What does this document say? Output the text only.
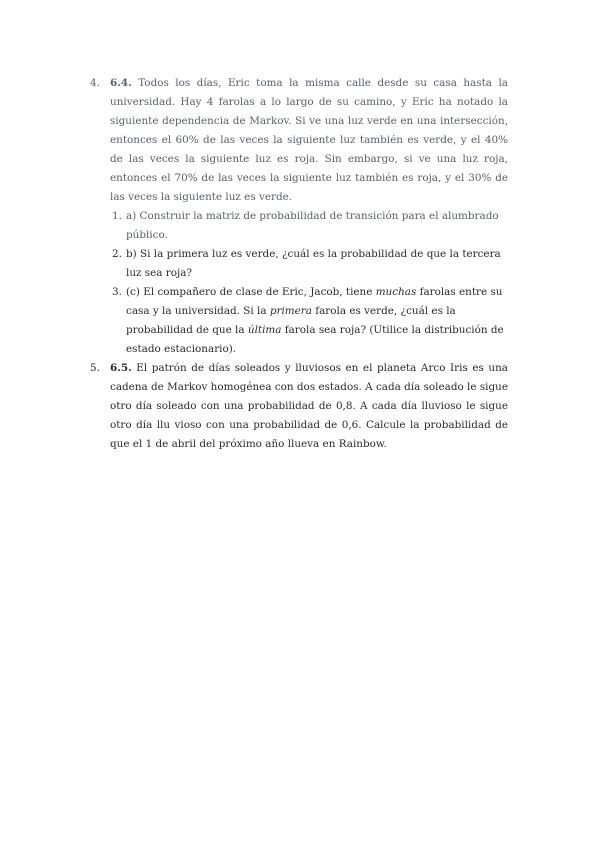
4. 6.4. Todos los días, Eric toma la misma calle desde su casa hasta la universidad. Hay 4 farolas a lo largo de su camino, y Eric ha notado la siguiente dependencia de Markov. Si ve una luz verde en una intersección, entonces el 60% de las veces la siguiente luz también es verde, y el 40% de las veces la siguiente luz es roja. Sin embargo, si ve una luz roja, entonces el 70% de las veces la siguiente luz también es roja, y el 30% de las veces la siguiente luz es verde.
1. a) Construir la matriz de probabilidad de transición para el alumbrado público.
2. b) Si la primera luz es verde, ¿cuál es la probabilidad de que la tercera luz sea roja?
3. (c) El compañero de clase de Eric, Jacob, tiene muchas farolas entre su casa y la universidad. Si la primera farola es verde, ¿cuál es la probabilidad de que la última farola sea roja? (Utilice la distribución de estado estacionario).
5. 6.5. El patrón de días soleados y lluviosos en el planeta Arco Iris es una cadena de Markov homogénea con dos estados. A cada día soleado le sigue otro día soleado con una probabilidad de 0,8. A cada día lluvioso le sigue otro día llu vioso con una probabilidad de 0,6. Calcule la probabilidad de que el 1 de abril del próximo año llueva en Rainbow.
